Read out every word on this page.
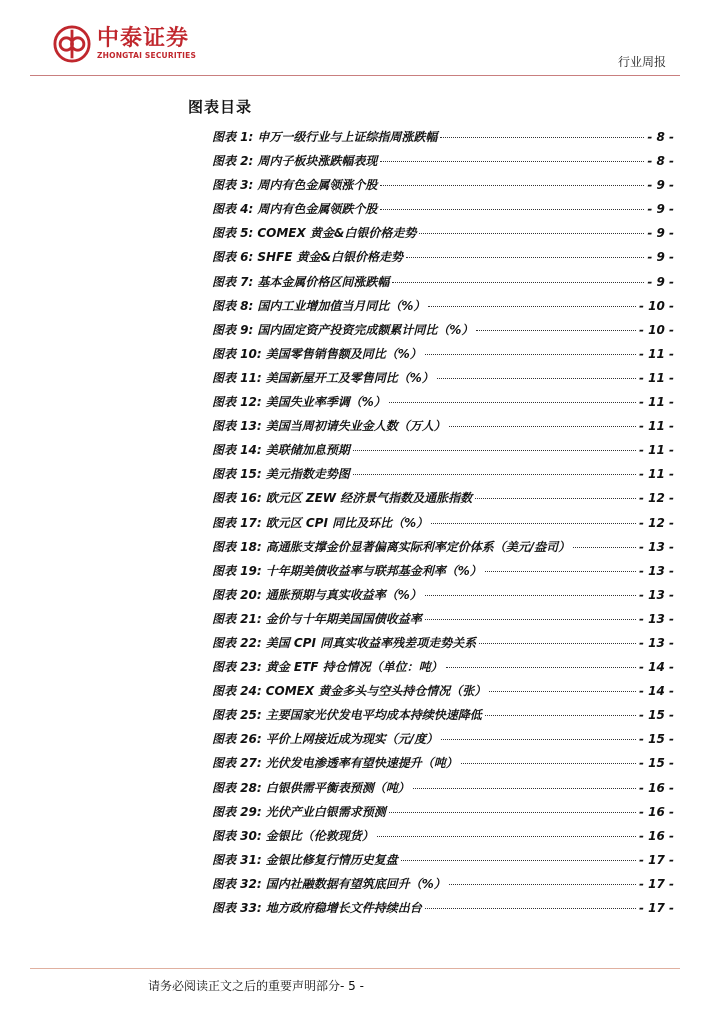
中泰证券
ZHONGTAI SECURITIES	行业周报
图表目录
图表 1: 申万一级行业与上证综指周涨跌幅	- 8 -
图表 2: 周内子板块涨跌幅表现	- 8 -
图表 3: 周内有色金属领涨个股	- 9 -
图表 4: 周内有色金属领跌个股	- 9 -
图表 5: COMEX 黄金&白银价格走势	- 9 -
图表 6: SHFE 黄金&白银价格走势	- 9 -
图表 7: 基本金属价格区间涨跌幅	- 9 -
图表 8: 国内工业增加值当月同比（%）	- 10 -
图表 9: 国内固定资产投资完成额累计同比（%）	- 10 -
图表 10: 美国零售销售额及同比（%）	- 11 -
图表 11: 美国新屋开工及零售同比（%）	- 11 -
图表 12: 美国失业率季调（%）	- 11 -
图表 13: 美国当周初请失业金人数（万人）	- 11 -
图表 14: 美联储加息预期	- 11 -
图表 15: 美元指数走势图	- 11 -
图表 16: 欧元区 ZEW 经济景气指数及通胀指数	- 12 -
图表 17: 欧元区 CPI 同比及环比（%）	- 12 -
图表 18: 高通胀支撑金价显著偏离实际利率定价体系（美元/盎司）	- 13 -
图表 19: 十年期美债收益率与联邦基金利率（%）	- 13 -
图表 20: 通胀预期与真实收益率（%）	- 13 -
图表 21: 金价与十年期美国国债收益率	- 13 -
图表 22: 美国 CPI 同真实收益率残差项走势关系	- 13 -
图表 23: 黄金 ETF 持仓情况（单位：吨）	- 14 -
图表 24: COMEX 黄金多头与空头持仓情况（张）	- 14 -
图表 25: 主要国家光伏发电平均成本持续快速降低	- 15 -
图表 26: 平价上网接近成为现实（元/度）	- 15 -
图表 27: 光伏发电渗透率有望快速提升（吨）	- 15 -
图表 28: 白银供需平衡表预测（吨）	- 16 -
图表 29: 光伏产业白银需求预测	- 16 -
图表 30: 金银比（伦敦现货）	- 16 -
图表 31: 金银比修复行情历史复盘	- 17 -
图表 32: 国内社融数据有望筑底回升（%）	- 17 -
图表 33: 地方政府稳增长文件持续出台	- 17 -
请务必阅读正文之后的重要声明部分- 5 -
